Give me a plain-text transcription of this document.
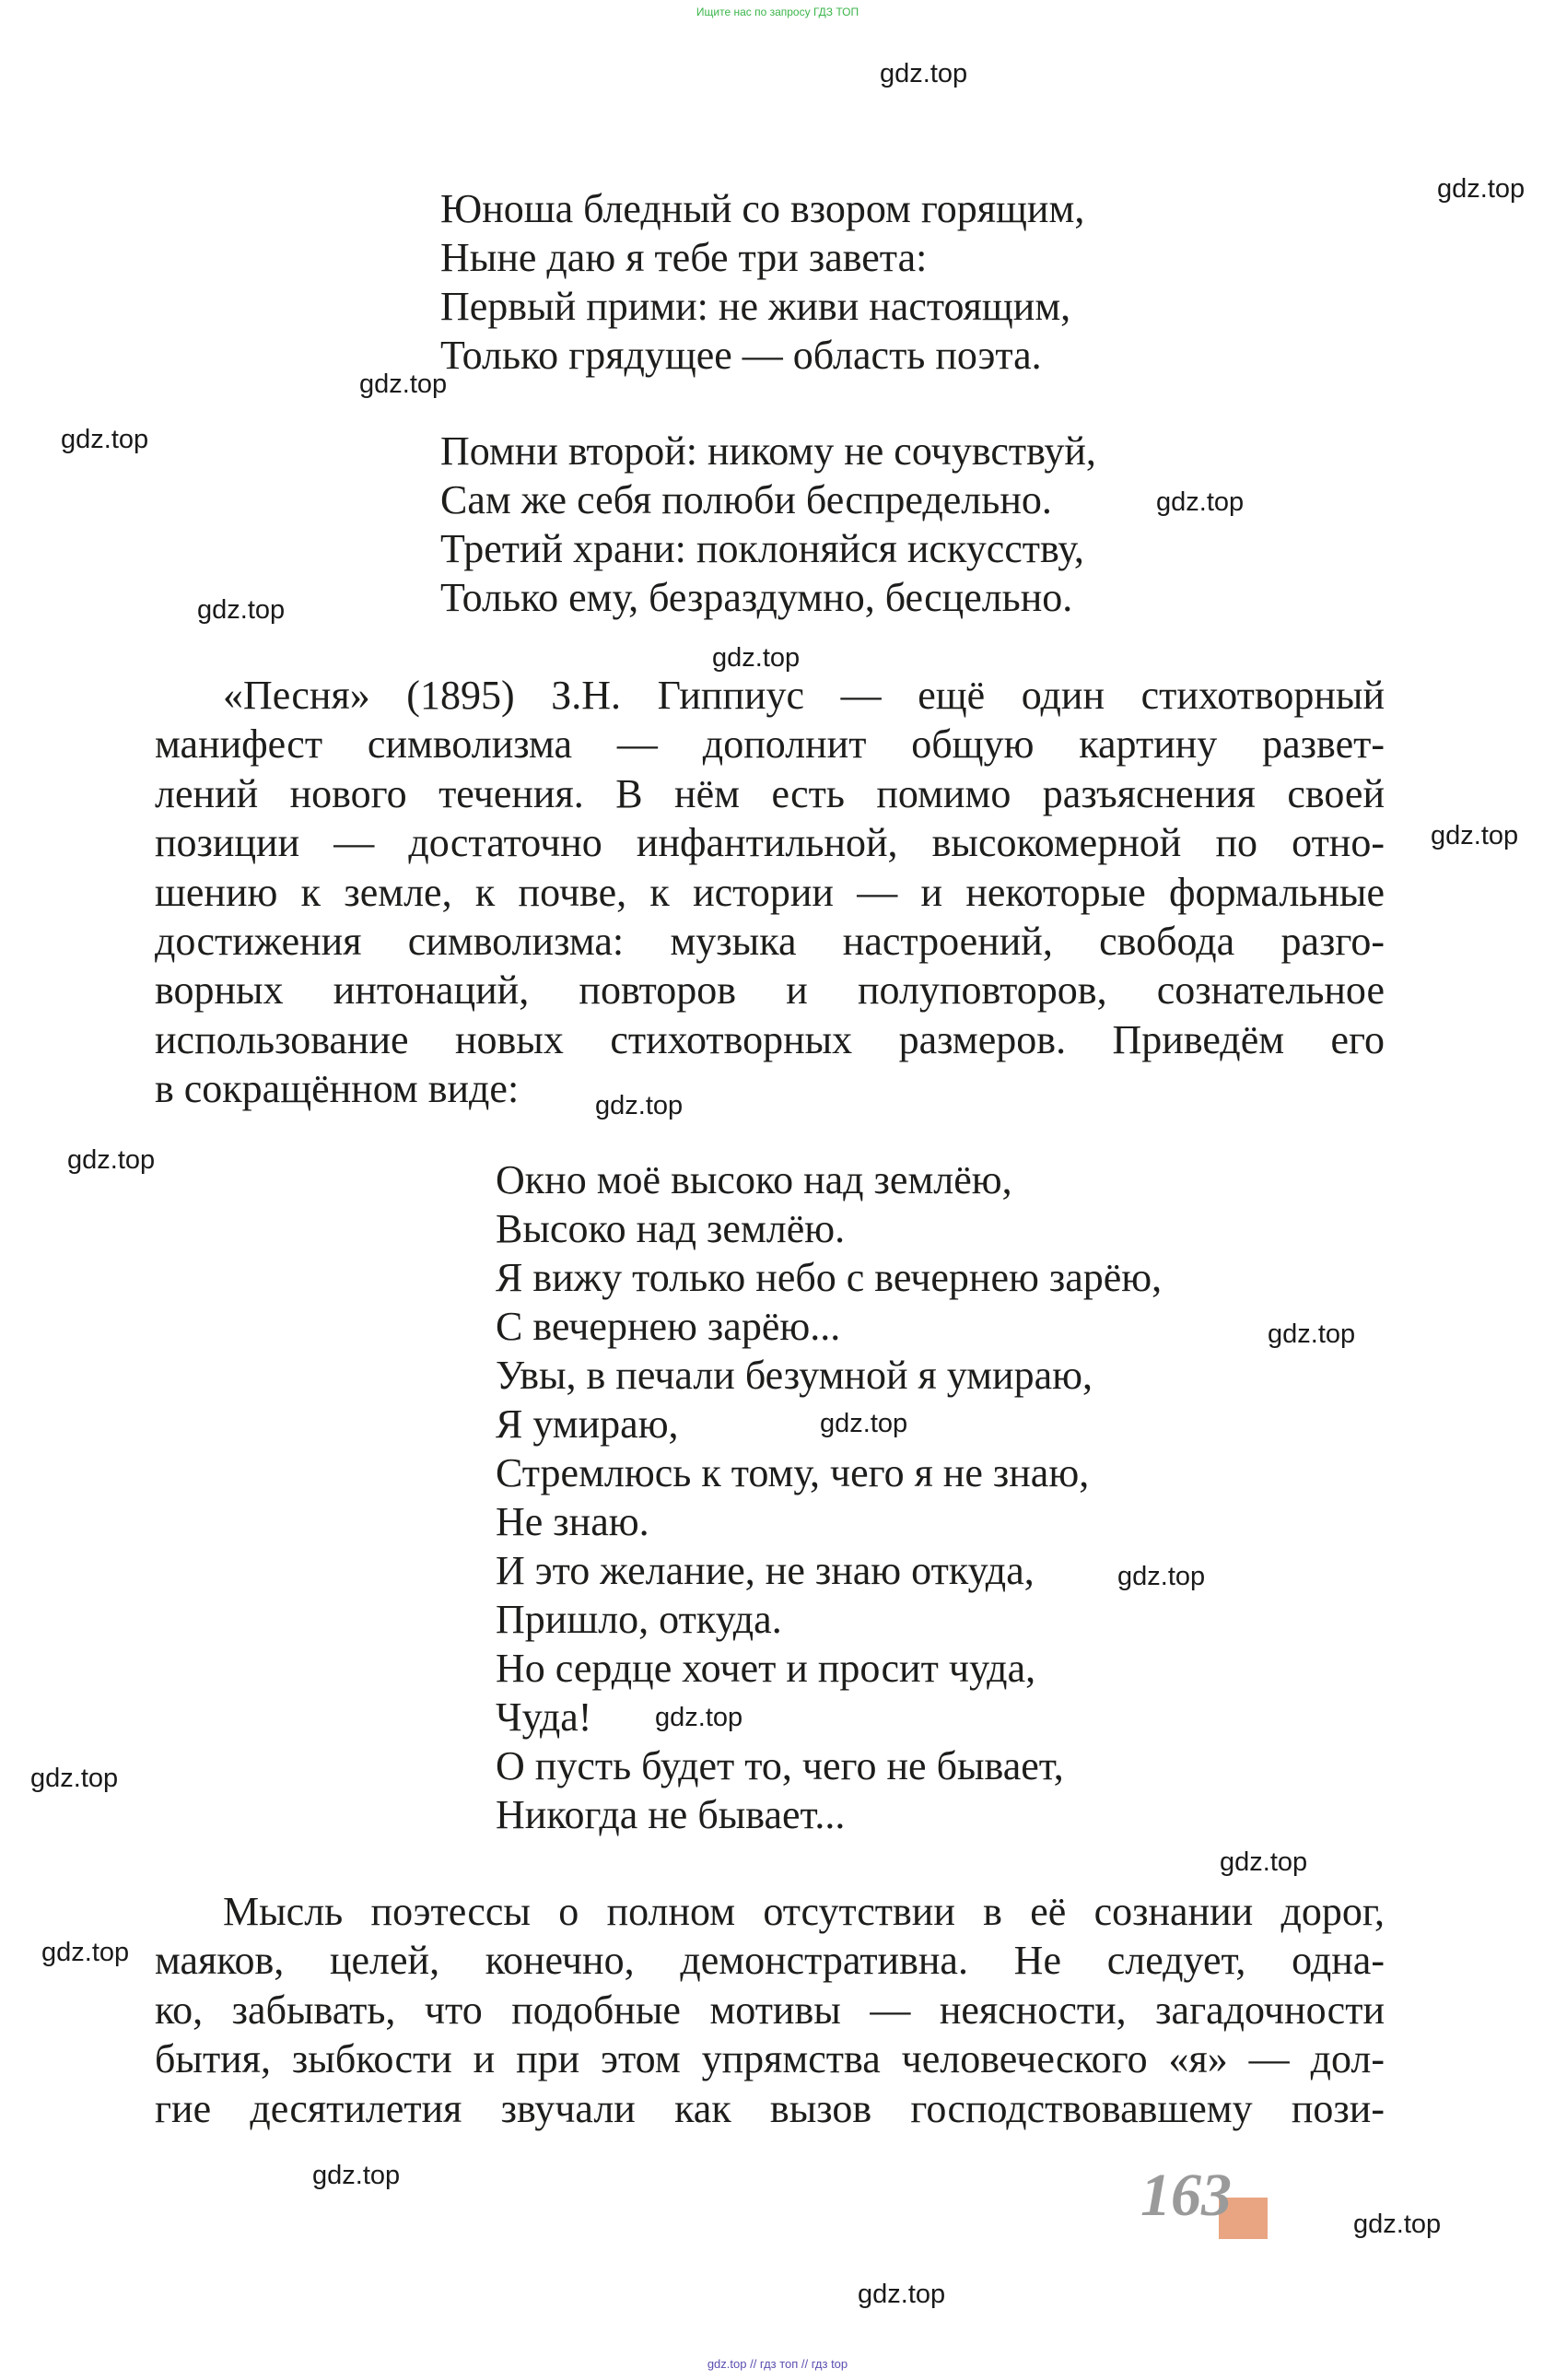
Ищите нас по запросу ГДЗ ТОП
Юноша бледный со взором горящим,
Ныне даю я тебе три завета:
Первый прими: не живи настоящим,
Только грядущее — область поэта.
Помни второй: никому не сочувствуй,
Сам же себя полюби беспредельно.
Третий храни: поклоняйся искусству,
Только ему, безраздумно, бесцельно.
«Песня» (1895) З.Н. Гиппиус — ещё один стихотворный
манифест символизма — дополнит общую картину развет-
лений нового течения. В нём есть помимо разъяснения своей
позиции — достаточно инфантильной, высокомерной по отно-
шению к земле, к почве, к истории — и некоторые формальные
достижения символизма: музыка настроений, свобода разго-
ворных интонаций, повторов и полуповторов, сознательное
использование новых стихотворных размеров. Приведём его
в сокращённом виде:
Окно моё высоко над землёю,
Высоко над землёю.
Я вижу только небо с вечернею зарёю,
С вечернею зарёю...
Увы, в печали безумной я умираю,
Я умираю,
Стремлюсь к тому, чего я не знаю,
Не знаю.
И это желание, не знаю откуда,
Пришло, откуда.
Но сердце хочет и просит чуда,
Чуда!
О пусть будет то, чего не бывает,
Никогда не бывает...
Мысль поэтессы о полном отсутствии в её сознании дорог,
маяков, целей, конечно, демонстративна. Не следует, одна-
ко, забывать, что подобные мотивы — неясности, загадочности
бытия, зыбкости и при этом упрямства человеческого «я» — дол-
гие десятилетия звучали как вызов господствовавшему пози-
gdz.top
gdz.top
gdz.top
gdz.top
gdz.top
gdz.top
gdz.top
gdz.top
gdz.top
gdz.top
gdz.top
gdz.top
gdz.top
gdz.top
gdz.top
gdz.top
gdz.top
gdz.top
gdz.top
gdz.top
163
gdz.top // гдз топ // гдз top
